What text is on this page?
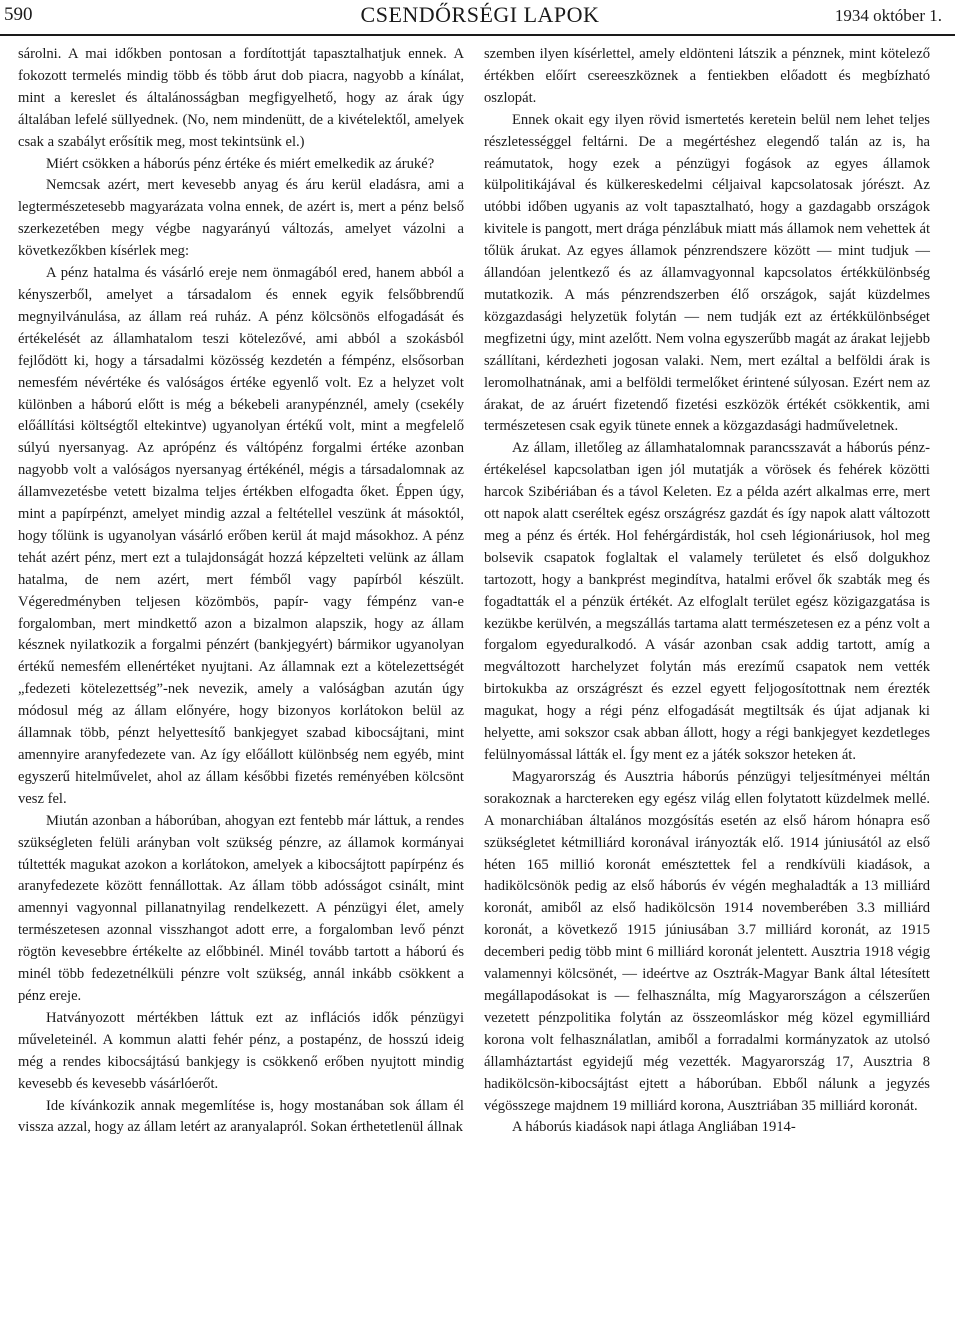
590	CSENDŐRSÉGI LAPOK	1934 október 1.

sárolni. A mai időkben pontosan a fordítottját tapasztalhatjuk ennek. A fokozott termelés mindig több és több árut dob piacra, nagyobb a kínálat, mint a kereslet és általánosságban megfigyelhető, hogy az árak úgy általában lefelé süllyednek. (No, nem mindenütt, de a kivételektől, amelyek csak a szabályt erősítik meg, most tekintsünk el.)

Miért csökken a háborús pénz értéke és miért emelkedik az áruké?

Nemcsak azért, mert kevesebb anyag és áru kerül eladásra, ami a legtermészetesebb magyarázata volna ennek, de azért is, mert a pénz belső szerkezetében megy végbe nagyarányú változás, amelyet vázolni a következőkben kísérlek meg:

A pénz hatalma és vásárló ereje nem önmagából ered, hanem abból a kényszerből, amelyet a társadalom és ennek egyik felsőbbrendű megnyilvánulása, az állam reá ruház. A pénz kölcsönös elfogadását és értékelését az államhatalom teszi kötelezővé, ami abból a szokásból fejlődött ki, hogy a társadalmi közösség kezdetén a fémpénz, elsősorban nemesfém névértéke és valóságos értéke egyenlő volt. Ez a helyzet volt különben a háború előtt is még a békebeli aranypénznél, amely (csekély előállítási költségtől eltekintve) ugyanolyan értékű volt, mint a megfelelő súlyú nyersanyag. Az aprópénz és váltópénz forgalmi értéke azonban nagyobb volt a valóságos nyersanyag értékénél, mégis a társadalomnak az államvezetésbe vetett bizalma teljes értékben elfogadta őket. Éppen úgy, mint a papírpénzt, amelyet mindig azzal a feltétellel veszünk át másoktól, hogy tőlünk is ugyanolyan vásárló erőben kerül át majd másokhoz. A pénz tehát azért pénz, mert ezt a tulajdonságát hozzá képzelteti velünk az állam hatalma, de nem azért, mert fémből vagy papírból készült. Végeredményben teljesen közömbös, papír- vagy fémpénz van-e forgalomban, mert mindkettő azon a bizalmon alapszik, hogy az állam késznek nyilatkozik a forgalmi pénzért (bankjegyért) bármikor ugyanolyan értékű nemesfém ellenértéket nyujtani. Az államnak ezt a kötelezettségét „fedezeti kötelezettség”-nek nevezik, amely a valóságban azután úgy módosul még az állam előnyére, hogy bizonyos korlátokon belül az államnak több, pénzt helyettesítő bankjegyet szabad kibocsájtani, mint amennyire aranyfedezete van. Az így előállott különbség nem egyéb, mint egyszerű hitelművelet, ahol az állam későbbi fizetés reményében kölcsönt vesz fel.

Miután azonban a háborúban, ahogyan ezt fentebb már láttuk, a rendes szükségleten felüli arányban volt szükség pénzre, az államok kormányai túltették magukat azokon a korlátokon, amelyek a kibocsájtott papírpénz és aranyfedezete között fennállottak. Az állam több adósságot csinált, mint amennyi vagyonnal pillanatnyilag rendelkezett. A pénzügyi élet, amely természetesen azonnal visszhangot adott erre, a forgalomban levő pénzt rögtön kevesebbre értékelte az előbbinél. Minél tovább tartott a háború és minél több fedezetnélküli pénzre volt szükség, annál inkább csökkent a pénz ereje.

Hatványozott mértékben láttuk ezt az inflációs idők pénzügyi műveleteinél. A kommun alatti fehér pénz, a postapénz, de hosszú ideig még a rendes kibocsájtású bankjegy is csökkenő erőben nyujtott mindig kevesebb és kevesebb vásárlóerőt.

Ide kívánkozik annak megemlítése is, hogy mostanában sok állam él vissza azzal, hogy az állam letért az aranyalapról. Sokan érthetetlenül állnak

szemben ilyen kísérlettel, amely eldönteni látszik a pénznek, mint kötelező értékben előírt csereeszköznek a fentiekben előadott és megbízható oszlopát.

Ennek okait egy ilyen rövid ismertetés keretein belül nem lehet teljes részletességgel feltárni. De a megértéshez elegendő talán az is, ha reámutatok, hogy ezek a pénzügyi fogások az egyes államok külpolitikájával és külkereskedelmi céljaival kapcsolatosak jórészt. Az utóbbi időben ugyanis az volt tapasztalható, hogy a gazdagabb országok kivitele is pangott, mert drága pénzlábuk miatt más államok nem vehettek át tőlük árukat. Az egyes államok pénzrendszere között — mint tudjuk — állandóan jelentkező és az államvagyonnal kapcsolatos értékkülönbség mutatkozik. A más pénzrendszerben élő országok, saját küzdelmes közgazdasági helyzetük folytán — nem tudják ezt az értékkülönbséget megfizetni úgy, mint azelőtt. Nem volna egyszerűbb magát az árakat lejjebb szállítani, kérdezheti jogosan valaki. Nem, mert ezáltal a belföldi árak is leromolhatnának, ami a belföldi termelőket érintené súlyosan. Ezért nem az árakat, de az áruért fizetendő fizetési eszközök értékét csökkentik, ami természetesen csak egyik tünete ennek a közgazdasági hadműveletnek.

Az állam, illetőleg az államhatalomnak parancsszavát a háborús pénz-értékelésel kapcsolatban igen jól mutatják a vörösek és fehérek közötti harcok Szibériában és a távol Keleten. Ez a példa azért alkalmas erre, mert ott napok alatt cseréltek egész országrész gazdát és így napok alatt változott meg a pénz és érték. Hol fehérgárdisták, hol cseh légionáriusok, hol meg bolsevik csapatok foglaltak el valamely területet és első dolgukhoz tartozott, hogy a bankprést megindítva, hatalmi erővel ők szabták meg és fogadtatták el a pénzük értékét. Az elfoglalt terület egész közigazgatása is kezükbe kerülvén, a megszállás tartama alatt természetesen ez a pénz volt a forgalom egyeduralkodó. A vásár azonban csak addig tartott, amíg a megváltozott harchelyzet folytán más erezímű csapatok nem vették birtokukba az országrészt és ezzel egyett feljogosítottnak nem érezték magukat, hogy a régi pénz elfogadását megtiltsák és újat adjanak ki helyette, ami sokszor csak abban állott, hogy a régi bankjegyet kezdetleges felülnyomással látták el. Így ment ez a játék sokszor heteken át.

Magyarország és Ausztria háborús pénzügyi teljesítményei méltán sorakoznak a harctereken egy egész világ ellen folytatott küzdelmek mellé. A monarchiában általános mozgósítás esetén az első három hónapra eső szükségletet kétmilliárd koronával irányozták elő. 1914 júniusától az első héten 165 millió koronát emésztettek fel a rendkívüli kiadások, a hadikölcsönök pedig az első háborús év végén meghaladták a 13 milliárd koronát, amiből az első hadikölcsön 1914 novemberében 3.3 milliárd koronát, a következő 1915 júniusában 3.7 milliárd koronát, az 1915 decemberi pedig több mint 6 milliárd koronát jelentett. Ausztria 1918 végig valamennyi kölcsönét, — ideértve az Osztrák-Magyar Bank által létesített megállapodásokat is — felhasználta, míg Magyarországon a célszerűen vezetett pénzpolitika folytán az összeomláskor még közel egymilliárd korona volt felhasználatlan, amiből a forradalmi kormányzatok az utolsó államháztartást egyidejű még vezették. Magyarország 17, Ausztria 8 hadikölcsön-kibocsájtást ejtett a háborúban. Ebből nálunk a jegyzés végösszege majdnem 19 milliárd korona, Ausztriában 35 milliárd koronát.

A háborús kiadások napi átlaga Angliában 1914-
